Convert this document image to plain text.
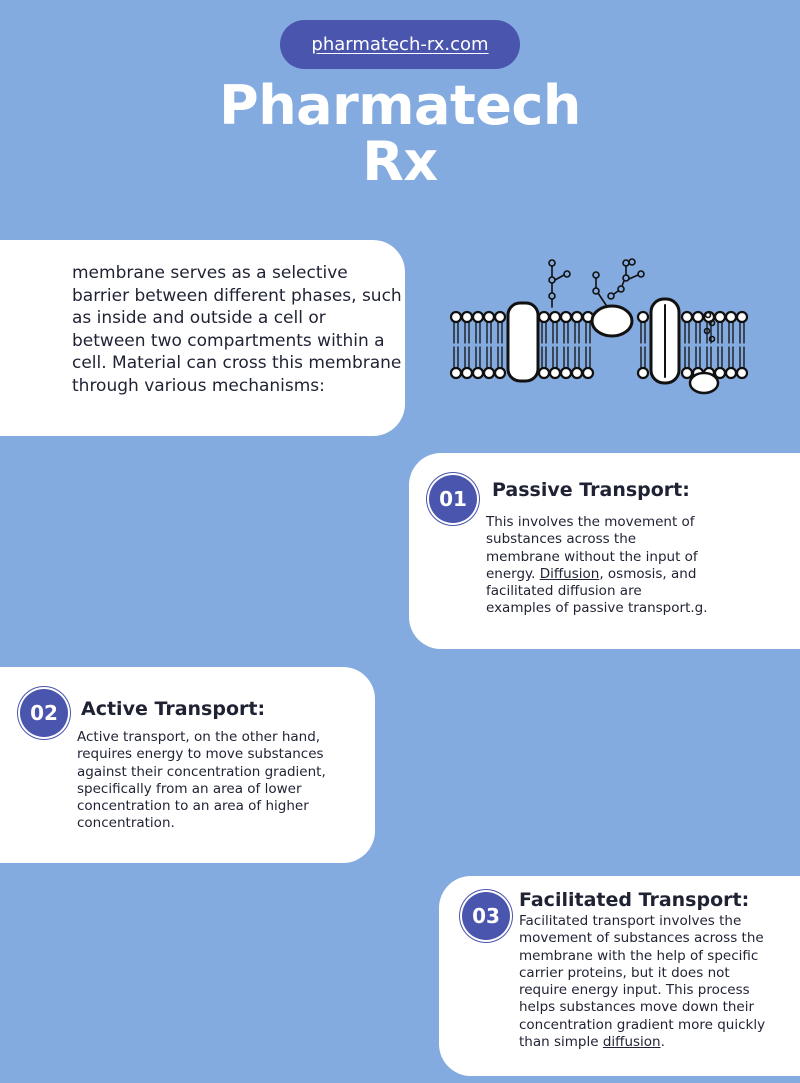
pharmatech-rx.com
Pharmatech
Rx
membrane serves as a selective barrier between different phases, such as inside and outside a cell or between two compartments within a cell. Material can cross this membrane through various mechanisms:
01	Passive Transport:
This involves the movement of substances across the membrane without the input of energy. Diffusion, osmosis, and facilitated diffusion are examples of passive transport.g.
02	Active Transport:
Active transport, on the other hand, requires energy to move substances against their concentration gradient, specifically from an area of lower concentration to an area of higher concentration.
03
Facilitated Transport:
Facilitated transport involves the movement of substances across the membrane with the help of specific carrier proteins, but it does not require energy input. This process helps substances move down their concentration gradient more quickly than simple diffusion.
